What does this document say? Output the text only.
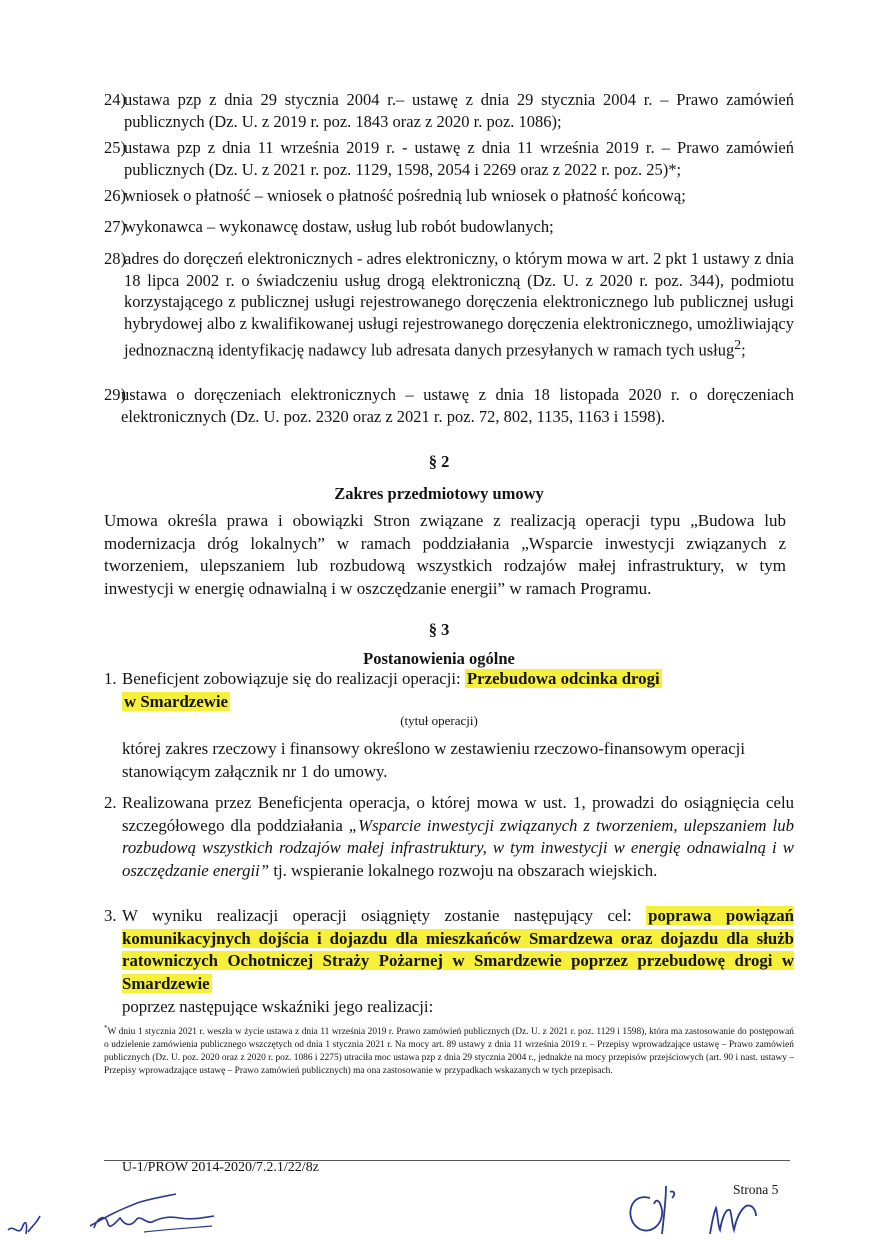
24)
ustawa pzp z dnia 29 stycznia 2004 r.– ustawę z dnia 29 stycznia 2004 r. – Prawo zamówień publicznych (Dz. U. z 2019 r. poz. 1843 oraz z 2020 r. poz. 1086);
25)
ustawa pzp z dnia 11 września 2019 r. - ustawę z dnia 11 września 2019 r. – Prawo zamówień publicznych (Dz. U. z 2021 r. poz. 1129, 1598, 2054 i 2269 oraz z 2022 r. poz. 25)*;
26)
wniosek o płatność – wniosek o płatność pośrednią lub wniosek o płatność końcową;
27)
wykonawca – wykonawcę dostaw, usług lub robót budowlanych;
28)
adres do doręczeń elektronicznych - adres elektroniczny, o którym mowa w art. 2 pkt 1 ustawy z dnia 18 lipca 2002 r. o świadczeniu usług drogą elektroniczną (Dz. U. z 2020 r. poz. 344), podmiotu korzystającego z publicznej usługi rejestrowanego doręczenia elektronicznego lub publicznej usługi hybrydowej albo z kwalifikowanej usługi rejestrowanego doręczenia elektronicznego, umożliwiający jednoznaczną identyfikację nadawcy lub adresata danych przesyłanych w ramach tych usług$^2$;
29)
ustawa o doręczeniach elektronicznych – ustawę z dnia 18 listopada 2020 r. o doręczeniach elektronicznych (Dz. U. poz. 2320 oraz z 2021 r. poz. 72, 802, 1135, 1163 i 1598).
§ 2
Zakres przedmiotowy umowy
Umowa określa prawa i obowiązki Stron związane z realizacją operacji typu „Budowa lub modernizacja dróg lokalnych” w ramach poddziałania „Wsparcie inwestycji związanych z tworzeniem, ulepszaniem lub rozbudową wszystkich rodzajów małej infrastruktury, w tym inwestycji w energię odnawialną i w oszczędzanie energii” w ramach Programu.
§ 3
Postanowienia ogólne
1. Beneficjent zobowiązuje się do realizacji operacji: Przebudowa odcinka drogi
w Smardzewie
(tytuł operacji)
której zakres rzeczowy i finansowy określono w zestawieniu rzeczowo-finansowym operacji stanowiącym załącznik nr 1 do umowy.
2. Realizowana przez Beneficjenta operacja, o której mowa w ust. 1, prowadzi do osiągnięcia celu szczegółowego dla poddziałania „Wsparcie inwestycji związanych z tworzeniem, ulepszaniem lub rozbudową wszystkich rodzajów małej infrastruktury, w tym inwestycji w energię odnawialną i w oszczędzanie energii” tj. wspieranie lokalnego rozwoju na obszarach wiejskich.
3. W wyniku realizacji operacji osiągnięty zostanie następujący cel: poprawa powiązań komunikacyjnych dojścia i dojazdu dla mieszkańców Smardzewa oraz dojazdu dla służb ratowniczych Ochotniczej Straży Pożarnej w Smardzewie poprzez przebudowę drogi w Smardzewie
poprzez następujące wskaźniki jego realizacji:
*W dniu 1 stycznia 2021 r. weszła w życie ustawa z dnia 11 września 2019 r. Prawo zamówień publicznych (Dz. U. z 2021 r. poz. 1129 i 1598), która ma zastosowanie do postępowań o udzielenie zamówienia publicznego wszczętych od dnia 1 stycznia 2021 r. Na mocy art. 89 ustawy z dnia 11 września 2019 r. – Przepisy wprowadzające ustawę – Prawo zamówień publicznych (Dz. U. poz. 2020 oraz z 2020 r. poz. 1086 i 2275) utraciła moc ustawa pzp z dnia 29 stycznia 2004 r., jednakże na mocy przepisów przejściowych (art. 90 i nast. ustawy – Przepisy wprowadzające ustawę – Prawo zamówień publicznych) ma ona zastosowanie w przypadkach wskazanych w tych przepisach.
U-1/PROW 2014-2020/7.2.1/22/8z
Strona 5
